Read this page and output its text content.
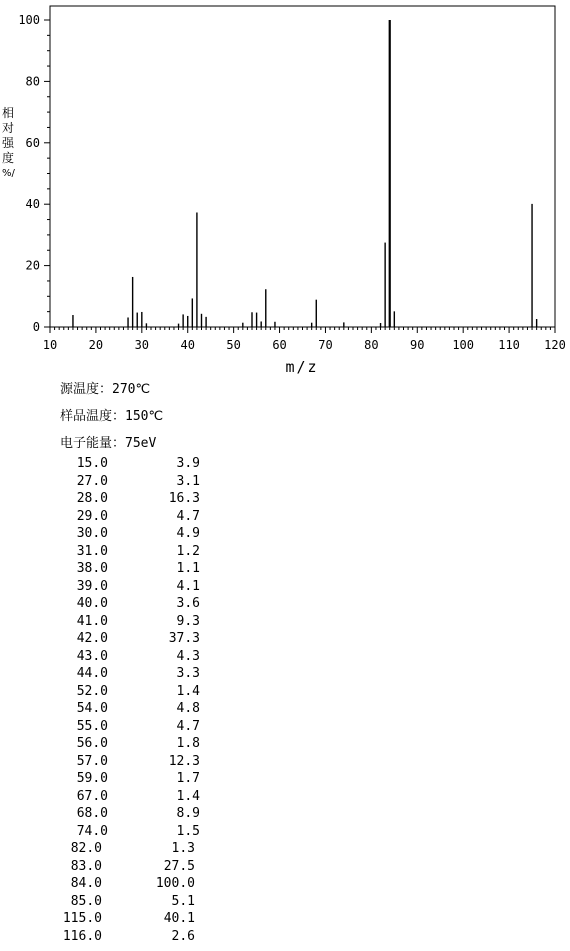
10	20	30	40	50	60	70	80	90 100 110 120
0
20
40
60
80
100
m/z
相
对
强
度
%/
源温度：270℃
样品温度：150℃
电子能量：75eV
15.0	3.9
27.0	3.1
28.0	16.3
29.0	4.7
30.0	4.9
31.0	1.2
38.0	1.1
39.0	4.1
40.0	3.6
41.0	9.3
42.0	37.3
43.0	4.3
44.0	3.3
52.0	1.4
54.0	4.8
55.0	4.7
56.0	1.8
57.0	12.3
59.0	1.7
67.0	1.4
68.0	8.9
74.0	1.5
82.0	1.3
83.0	27.5
84.0	100.0
85.0	5.1
115.0	40.1
116.0	2.6
